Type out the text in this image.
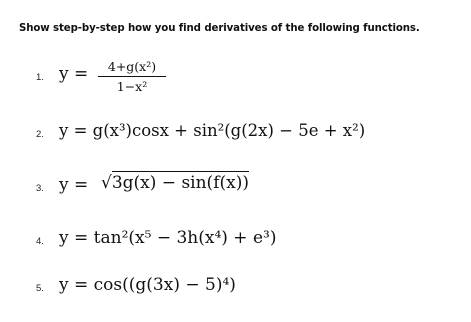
Show step-by-step how you find derivatives of the following functions.
1. y =	4+g(x²)
1−x²
2. y = g(x³)cosx + sin²(g(2x) − 5e + x²)
3. y = √3g(x) − sin(f(x))
4. y = tan²(x⁵ − 3h(x⁴) + e³)
5. y = cos((g(3x) − 5)⁴)
